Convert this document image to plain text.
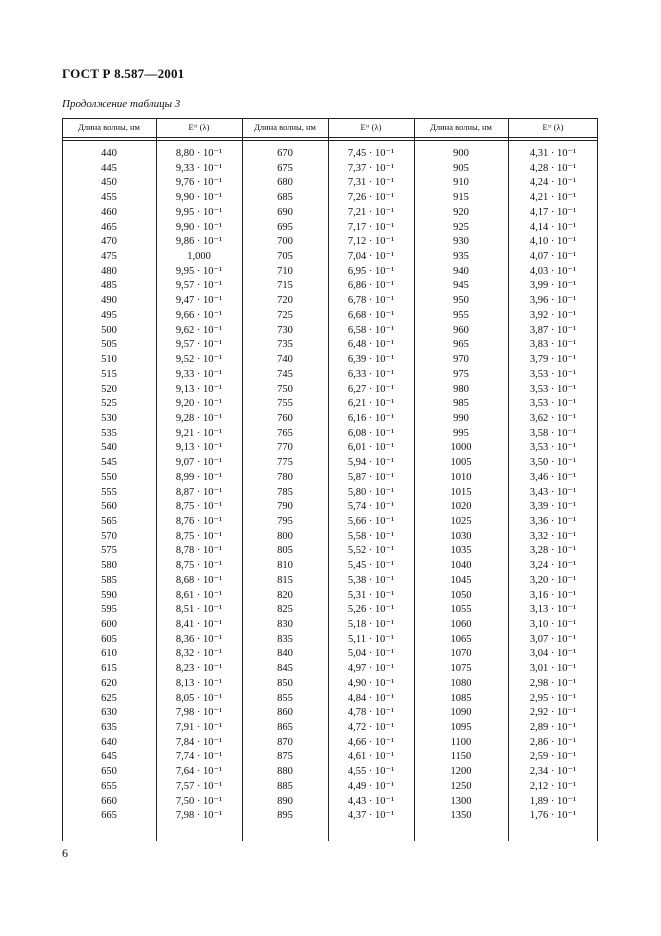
ГОСТ Р 8.587—2001
Продолжение таблицы 3
Длина волны, нм	Eᶜᵗ (λ)	Длина волны, нм	Eᶜᵗ (λ)	Длина волны, нм	Eᶜᵗ (λ)
440	8,80 · 10⁻¹	670	7,45 · 10⁻¹	900	4,31 · 10⁻¹
445	9,33 · 10⁻¹	675	7,37 · 10⁻¹	905	4,28 · 10⁻¹
450	9,76 · 10⁻¹	680	7,31 · 10⁻¹	910	4,24 · 10⁻¹
455	9,90 · 10⁻¹	685	7,26 · 10⁻¹	915	4,21 · 10⁻¹
460	9,95 · 10⁻¹	690	7,21 · 10⁻¹	920	4,17 · 10⁻¹
465	9,90 · 10⁻¹	695	7,17 · 10⁻¹	925	4,14 · 10⁻¹
470	9,86 · 10⁻¹	700	7,12 · 10⁻¹	930	4,10 · 10⁻¹
475	1,000	705	7,04 · 10⁻¹	935	4,07 · 10⁻¹
480	9,95 · 10⁻¹	710	6,95 · 10⁻¹	940	4,03 · 10⁻¹
485	9,57 · 10⁻¹	715	6,86 · 10⁻¹	945	3,99 · 10⁻¹
490	9,47 · 10⁻¹	720	6,78 · 10⁻¹	950	3,96 · 10⁻¹
495	9,66 · 10⁻¹	725	6,68 · 10⁻¹	955	3,92 · 10⁻¹
500	9,62 · 10⁻¹	730	6,58 · 10⁻¹	960	3,87 · 10⁻¹
505	9,57 · 10⁻¹	735	6,48 · 10⁻¹	965	3,83 · 10⁻¹
510	9,52 · 10⁻¹	740	6,39 · 10⁻¹	970	3,79 · 10⁻¹
515	9,33 · 10⁻¹	745	6,33 · 10⁻¹	975	3,53 · 10⁻¹
520	9,13 · 10⁻¹	750	6,27 · 10⁻¹	980	3,53 · 10⁻¹
525	9,20 · 10⁻¹	755	6,21 · 10⁻¹	985	3,53 · 10⁻¹
530	9,28 · 10⁻¹	760	6,16 · 10⁻¹	990	3,62 · 10⁻¹
535	9,21 · 10⁻¹	765	6,08 · 10⁻¹	995	3,58 · 10⁻¹
540	9,13 · 10⁻¹	770	6,01 · 10⁻¹	1000	3,53 · 10⁻¹
545	9,07 · 10⁻¹	775	5,94 · 10⁻¹	1005	3,50 · 10⁻¹
550	8,99 · 10⁻¹	780	5,87 · 10⁻¹	1010	3,46 · 10⁻¹
555	8,87 · 10⁻¹	785	5,80 · 10⁻¹	1015	3,43 · 10⁻¹
560	8,75 · 10⁻¹	790	5,74 · 10⁻¹	1020	3,39 · 10⁻¹
565	8,76 · 10⁻¹	795	5,66 · 10⁻¹	1025	3,36 · 10⁻¹
570	8,75 · 10⁻¹	800	5,58 · 10⁻¹	1030	3,32 · 10⁻¹
575	8,78 · 10⁻¹	805	5,52 · 10⁻¹	1035	3,28 · 10⁻¹
580	8,75 · 10⁻¹	810	5,45 · 10⁻¹	1040	3,24 · 10⁻¹
585	8,68 · 10⁻¹	815	5,38 · 10⁻¹	1045	3,20 · 10⁻¹
590	8,61 · 10⁻¹	820	5,31 · 10⁻¹	1050	3,16 · 10⁻¹
595	8,51 · 10⁻¹	825	5,26 · 10⁻¹	1055	3,13 · 10⁻¹
600	8,41 · 10⁻¹	830	5,18 · 10⁻¹	1060	3,10 · 10⁻¹
605	8,36 · 10⁻¹	835	5,11 · 10⁻¹	1065	3,07 · 10⁻¹
610	8,32 · 10⁻¹	840	5,04 · 10⁻¹	1070	3,04 · 10⁻¹
615	8,23 · 10⁻¹	845	4,97 · 10⁻¹	1075	3,01 · 10⁻¹
620	8,13 · 10⁻¹	850	4,90 · 10⁻¹	1080	2,98 · 10⁻¹
625	8,05 · 10⁻¹	855	4,84 · 10⁻¹	1085	2,95 · 10⁻¹
630	7,98 · 10⁻¹	860	4,78 · 10⁻¹	1090	2,92 · 10⁻¹
635	7,91 · 10⁻¹	865	4,72 · 10⁻¹	1095	2,89 · 10⁻¹
640	7,84 · 10⁻¹	870	4,66 · 10⁻¹	1100	2,86 · 10⁻¹
645	7,74 · 10⁻¹	875	4,61 · 10⁻¹	1150	2,59 · 10⁻¹
650	7,64 · 10⁻¹	880	4,55 · 10⁻¹	1200	2,34 · 10⁻¹
655	7,57 · 10⁻¹	885	4,49 · 10⁻¹	1250	2,12 · 10⁻¹
660	7,50 · 10⁻¹	890	4,43 · 10⁻¹	1300	1,89 · 10⁻¹
665	7,98 · 10⁻¹	895	4,37 · 10⁻¹	1350	1,76 · 10⁻¹
6
